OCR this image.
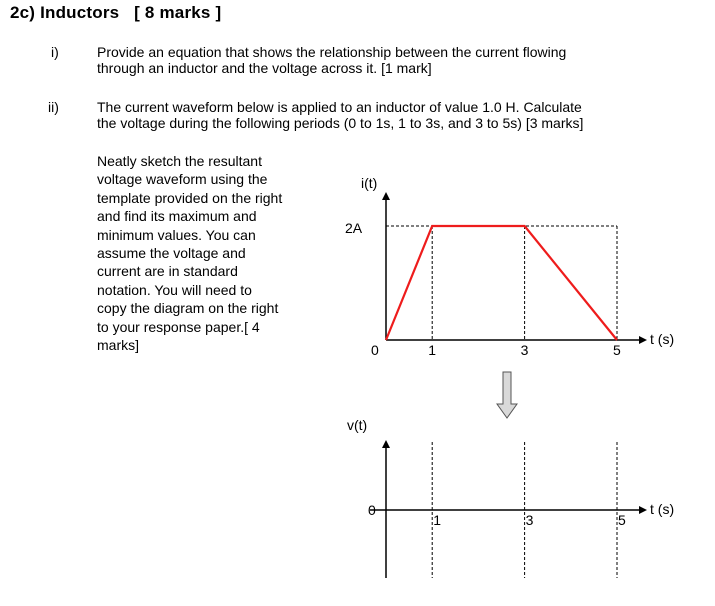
2c) Inductors [ 8 marks ]
i)	Provide an equation that shows the relationship between the current flowing
through an inductor and the voltage across it. [1 mark]
ii)	The current waveform below is applied to an inductor of value 1.0 H. Calculate
the voltage during the following periods (0 to 1s, 1 to 3s, and 3 to 5s) [3 marks]
Neatly sketch the resultant
voltage waveform using the
template provided on the right
and find its maximum and
minimum values. You can
assume the voltage and
current are in standard
notation. You will need to
copy the diagram on the right
to your response paper.[ 4
marks]
i(t)
t (s)
2A
0	1	3	5
v(t)
t (s)
0
1	3	5
